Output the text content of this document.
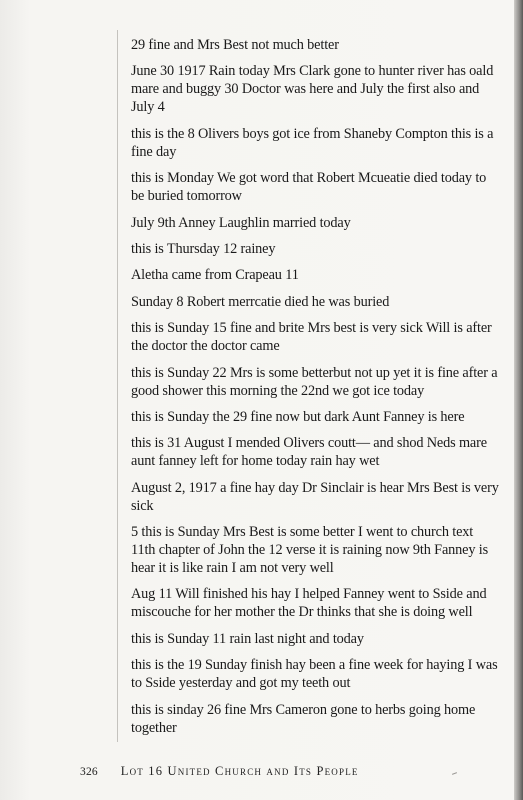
29 fine and Mrs Best not much better

June 30 1917 Rain today Mrs Clark gone to hunter river has oald mare and buggy 30 Doctor was here and July the first also and July 4

this is the 8 Olivers boys got ice from Shaneby Compton this is a fine day

this is Monday We got word that Robert Mcueatie died today to be buried tomorrow

July 9th Anney Laughlin married today

this is Thursday 12 rainey

Aletha came from Crapeau 11

Sunday 8 Robert merrcatie died he was buried

this is Sunday 15 fine and brite Mrs best is very sick Will is after the doctor the doctor came

this is Sunday 22 Mrs is some betterbut not up yet it is fine after a good shower this morning the 22nd we got ice today

this is Sunday the 29 fine now but dark Aunt Fanney is here

this is 31 August I mended Olivers coutt— and shod Neds mare aunt fanney left for home today rain hay wet

August 2, 1917 a fine hay day Dr Sinclair is hear Mrs Best is very sick

5 this is Sunday Mrs Best is some better I went to church text 11th chapter of John the 12 verse it is raining now 9th Fanney is hear it is like rain I am not very well

Aug 11 Will finished his hay I helped Fanney went to Sside and miscouche for her mother the Dr thinks that she is doing well

this is Sunday 11 rain last night and today

this is the 19 Sunday finish hay been a fine week for haying I was to Sside yesterday and got my teeth out

this is sinday 26 fine Mrs Cameron gone to herbs going home together

326 Lot 16 United Church and Its People
